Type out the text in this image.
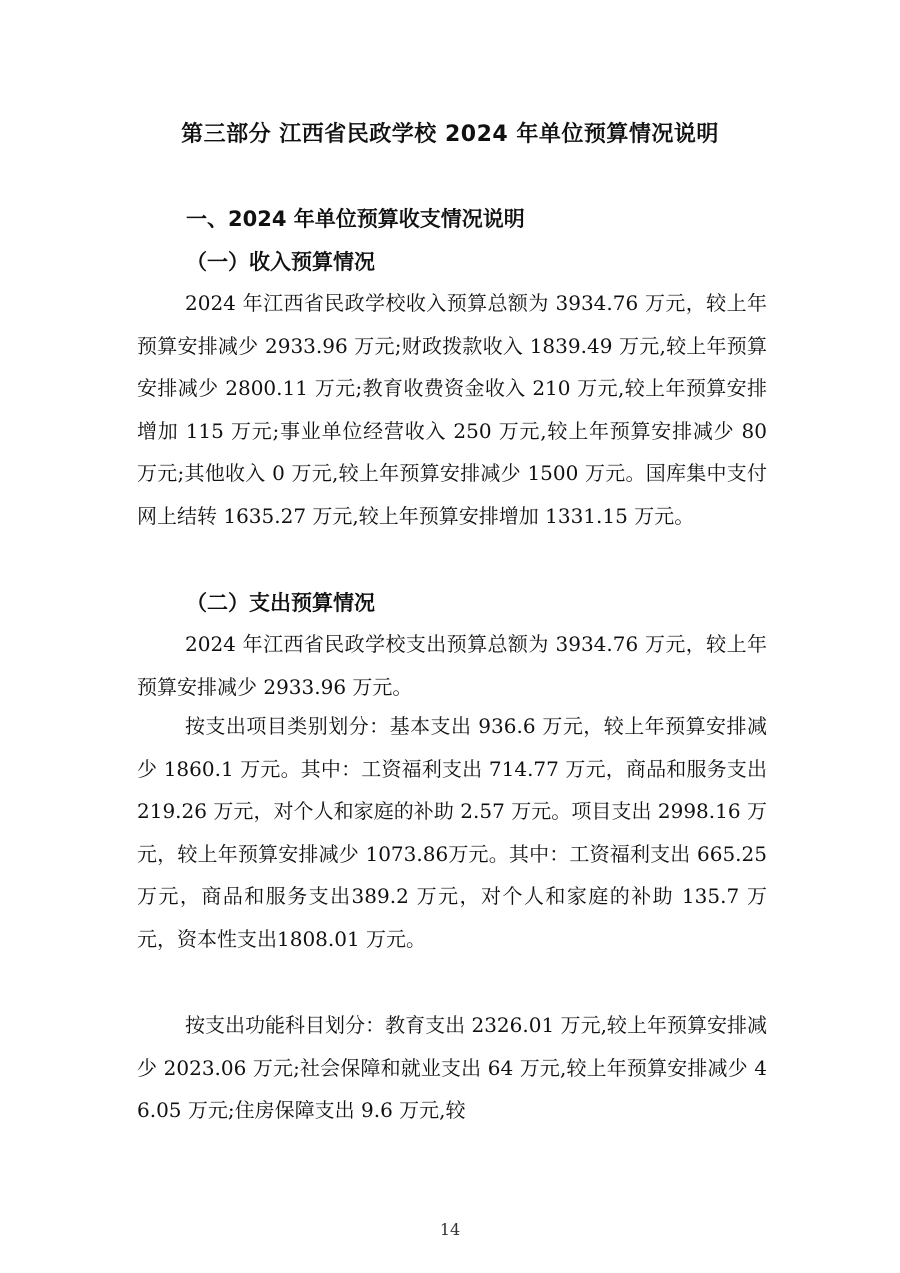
第三部分 江西省民政学校 2024 年单位预算情况说明
一、2024 年单位预算收支情况说明
（一）收入预算情况

2024 年江西省民政学校收入预算总额为 3934.76 万元，较上年预算安排减少 2933.96 万元;财政拨款收入 1839.49 万元,较上年预算安排减少 2800.11 万元;教育收费资金收入 210 万元,较上年预算安排增加 115 万元;事业单位经营收入 250 万元,较上年预算安排减少 80 万元;其他收入 0 万元,较上年预算安排减少 1500 万元。国库集中支付网上结转 1635.27 万元,较上年预算安排增加 1331.15 万元。

（二）支出预算情况

2024 年江西省民政学校支出预算总额为 3934.76 万元，较上年预算安排减少 2933.96 万元。

按支出项目类别划分：基本支出 936.6 万元，较上年预算安排减少 1860.1 万元。其中：工资福利支出 714.77 万元，商品和服务支出 219.26 万元，对个人和家庭的补助 2.57 万元。项目支出 2998.16 万元，较上年预算安排减少 1073.86万元。其中：工资福利支出 665.25 万元，商品和服务支出389.2 万元，对个人和家庭的补助 135.7 万元，资本性支出1808.01 万元。

按支出功能科目划分：教育支出 2326.01 万元,较上年预算安排减少 2023.06 万元;社会保障和就业支出 64 万元,较上年预算安排减少 46.05 万元;住房保障支出 9.6 万元,较

14
